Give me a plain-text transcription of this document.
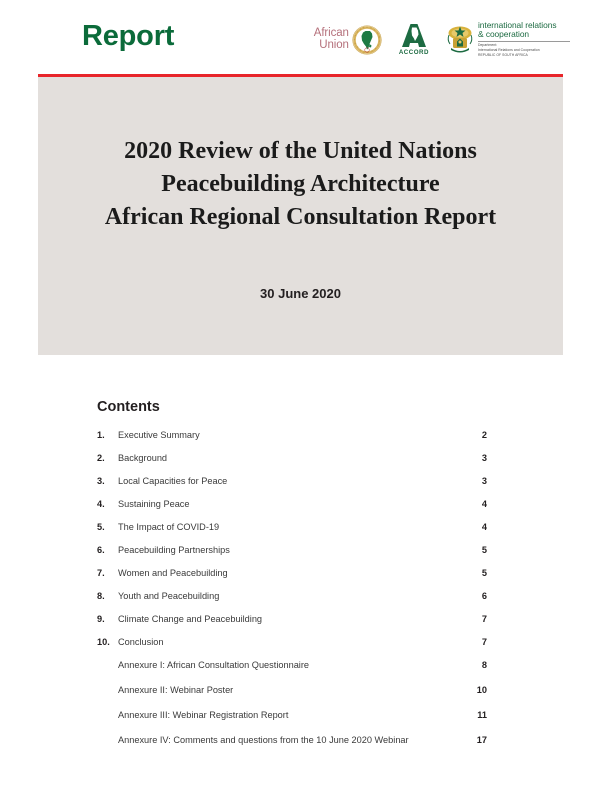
Report	African
Union
ACCORD
international relations
& cooperation
Department:
International Relations and Cooperation
REPUBLIC OF SOUTH AFRICA
2020 Review of the United Nations
Peacebuilding Architecture
African Regional Consultation Report
30 June 2020
Contents
1.	Executive Summary	2
2.	Background	3
3.	Local Capacities for Peace	3
4.	Sustaining Peace	4
5.	The Impact of COVID-19	4
6.	Peacebuilding Partnerships	5
7.	Women and Peacebuilding	5
8.	Youth and Peacebuilding	6
9.	Climate Change and Peacebuilding	7
10. Conclusion	7
Annexure I: African Consultation Questionnaire	8
Annexure II: Webinar Poster	10
Annexure III: Webinar Registration Report	11
Annexure IV: Comments and questions from the 10 June 2020 Webinar	17
